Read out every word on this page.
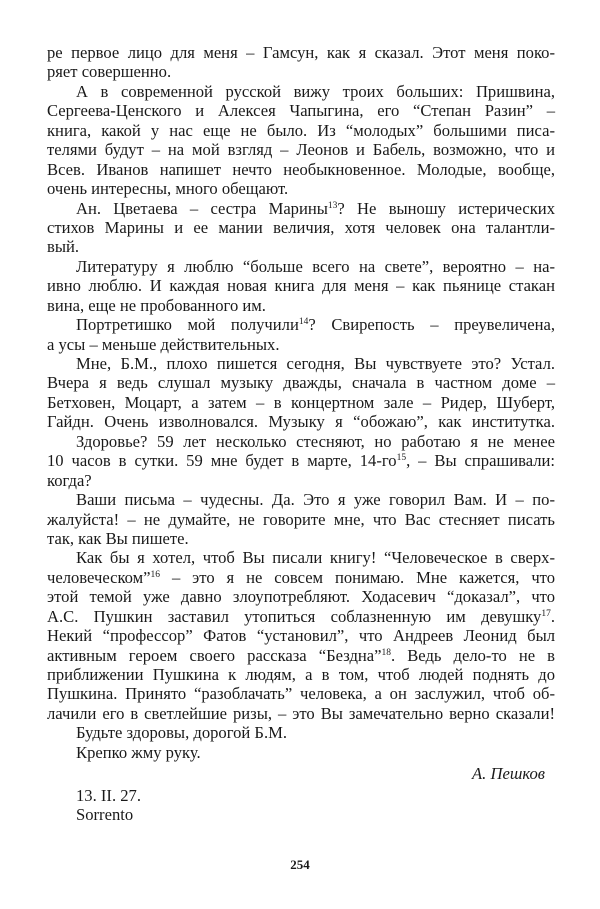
ре первое лицо для меня – Гамсун, как я сказал. Этот меня поко-
ряет совершенно.
А в современной русской вижу троих больших: Пришвина,
Сергеева-Ценского и Алексея Чапыгина, его “Степан Разин” –
книга, какой у нас еще не было. Из “молодых” большими писа-
телями будут – на мой взгляд – Леонов и Бабель, возможно, что и
Всев. Иванов напишет нечто необыкновенное. Молодые, вообще,
очень интересны, много обещают.
Ан. Цветаева – сестра Марины$^{13}$? Не выношу истерических
стихов Марины и ее мании величия, хотя человек она талантли-
вый.
Литературу я люблю “больше всего на свете”, вероятно – на-
ивно люблю. И каждая новая книга для меня – как пьянице стакан
вина, еще не пробованного им.
Портретишко мой получили$^{14}$? Свирепость – преувеличена,
а усы – меньше действительных.
Мне, Б.М., плохо пишется сегодня, Вы чувствуете это? Устал.
Вчера я ведь слушал музыку дважды, сначала в частном доме –
Бетховен, Моцарт, а затем – в концертном зале – Ридер, Шуберт,
Гайдн. Очень изволновался. Музыку я “обожаю”, как институтка.
Здоровье? 59 лет несколько стесняют, но работаю я не менее
10 часов в сутки. 59 мне будет в марте, $14-го^{15}$, – Вы спрашивали:
когда?
Ваши письма – чудесны. Да. Это я уже говорил Вам. И – по-
жалуйста! – не думайте, не говорите мне, что Вас стесняет писать
так, как Вы пишете.
Как бы я хотел, чтоб Вы писали книгу! “Человеческое в сверх-
человеческом”$^{16}$ – это я не совсем понимаю. Мне кажется, что
этой темой уже давно злоупотребляют. Ходасевич “доказал”, что
А.С. Пушкин заставил утопиться соблазненную им девушку$^{17}$.
Некий “профессор” Фатов “установил”, что Андреев Леонид был
активным героем своего рассказа “Бездна”$^{18}$. Ведь дело-то не в
приближении Пушкина к людям, а в том, чтоб людей поднять до
Пушкина. Принято “разоблачать” человека, а он заслужил, чтоб об-
лачили его в светлейшие ризы, – это Вы замечательно верно сказали!
Будьте здоровы, дорогой Б.М.
Крепко жму руку.
А. Пешков
13. II. 27.
Sorrento
254
